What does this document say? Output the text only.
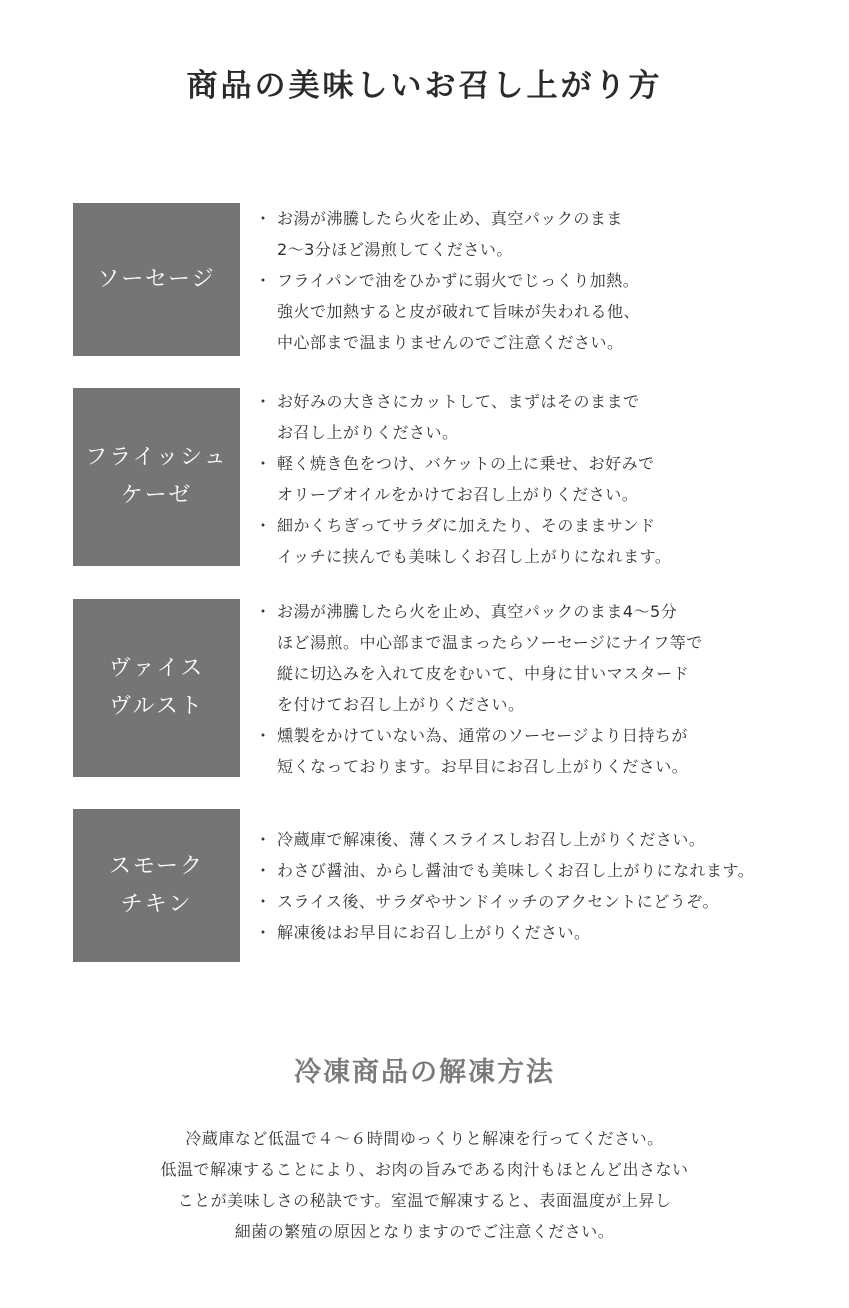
商品の美味しいお召し上がり方
ソーセージ
・ お湯が沸騰したら火を止め、真空パックのまま
2〜3分ほど湯煎してください。
・ フライパンで油をひかずに弱火でじっくり加熱。
強火で加熱すると皮が破れて旨味が失われる他、
中心部まで温まりませんのでご注意ください。
フライッシュ
ケーゼ
・ お好みの大きさにカットして、まずはそのままで
お召し上がりください。
・ 軽く焼き色をつけ、バケットの上に乗せ、お好みで
オリーブオイルをかけてお召し上がりください。
・ 細かくちぎってサラダに加えたり、そのままサンド
イッチに挟んでも美味しくお召し上がりになれます。
ヴァイス
ヴルスト
・ お湯が沸騰したら火を止め、真空パックのまま4〜5分
ほど湯煎。中心部まで温まったらソーセージにナイフ等で
縦に切込みを入れて皮をむいて、中身に甘いマスタード
を付けてお召し上がりください。
・ 燻製をかけていない為、通常のソーセージより日持ちが
短くなっております。お早目にお召し上がりください。
スモーク
チキン
・ 冷蔵庫で解凍後、薄くスライスしお召し上がりください。
・ わさび醤油、からし醤油でも美味しくお召し上がりになれます。
・ スライス後、サラダやサンドイッチのアクセントにどうぞ。
・ 解凍後はお早目にお召し上がりください。
冷凍商品の解凍方法
冷蔵庫など低温で４〜６時間ゆっくりと解凍を行ってください。
低温で解凍することにより、お肉の旨みである肉汁もほとんど出さない
ことが美味しさの秘訣です。室温で解凍すると、表面温度が上昇し
細菌の繁殖の原因となりますのでご注意ください。
